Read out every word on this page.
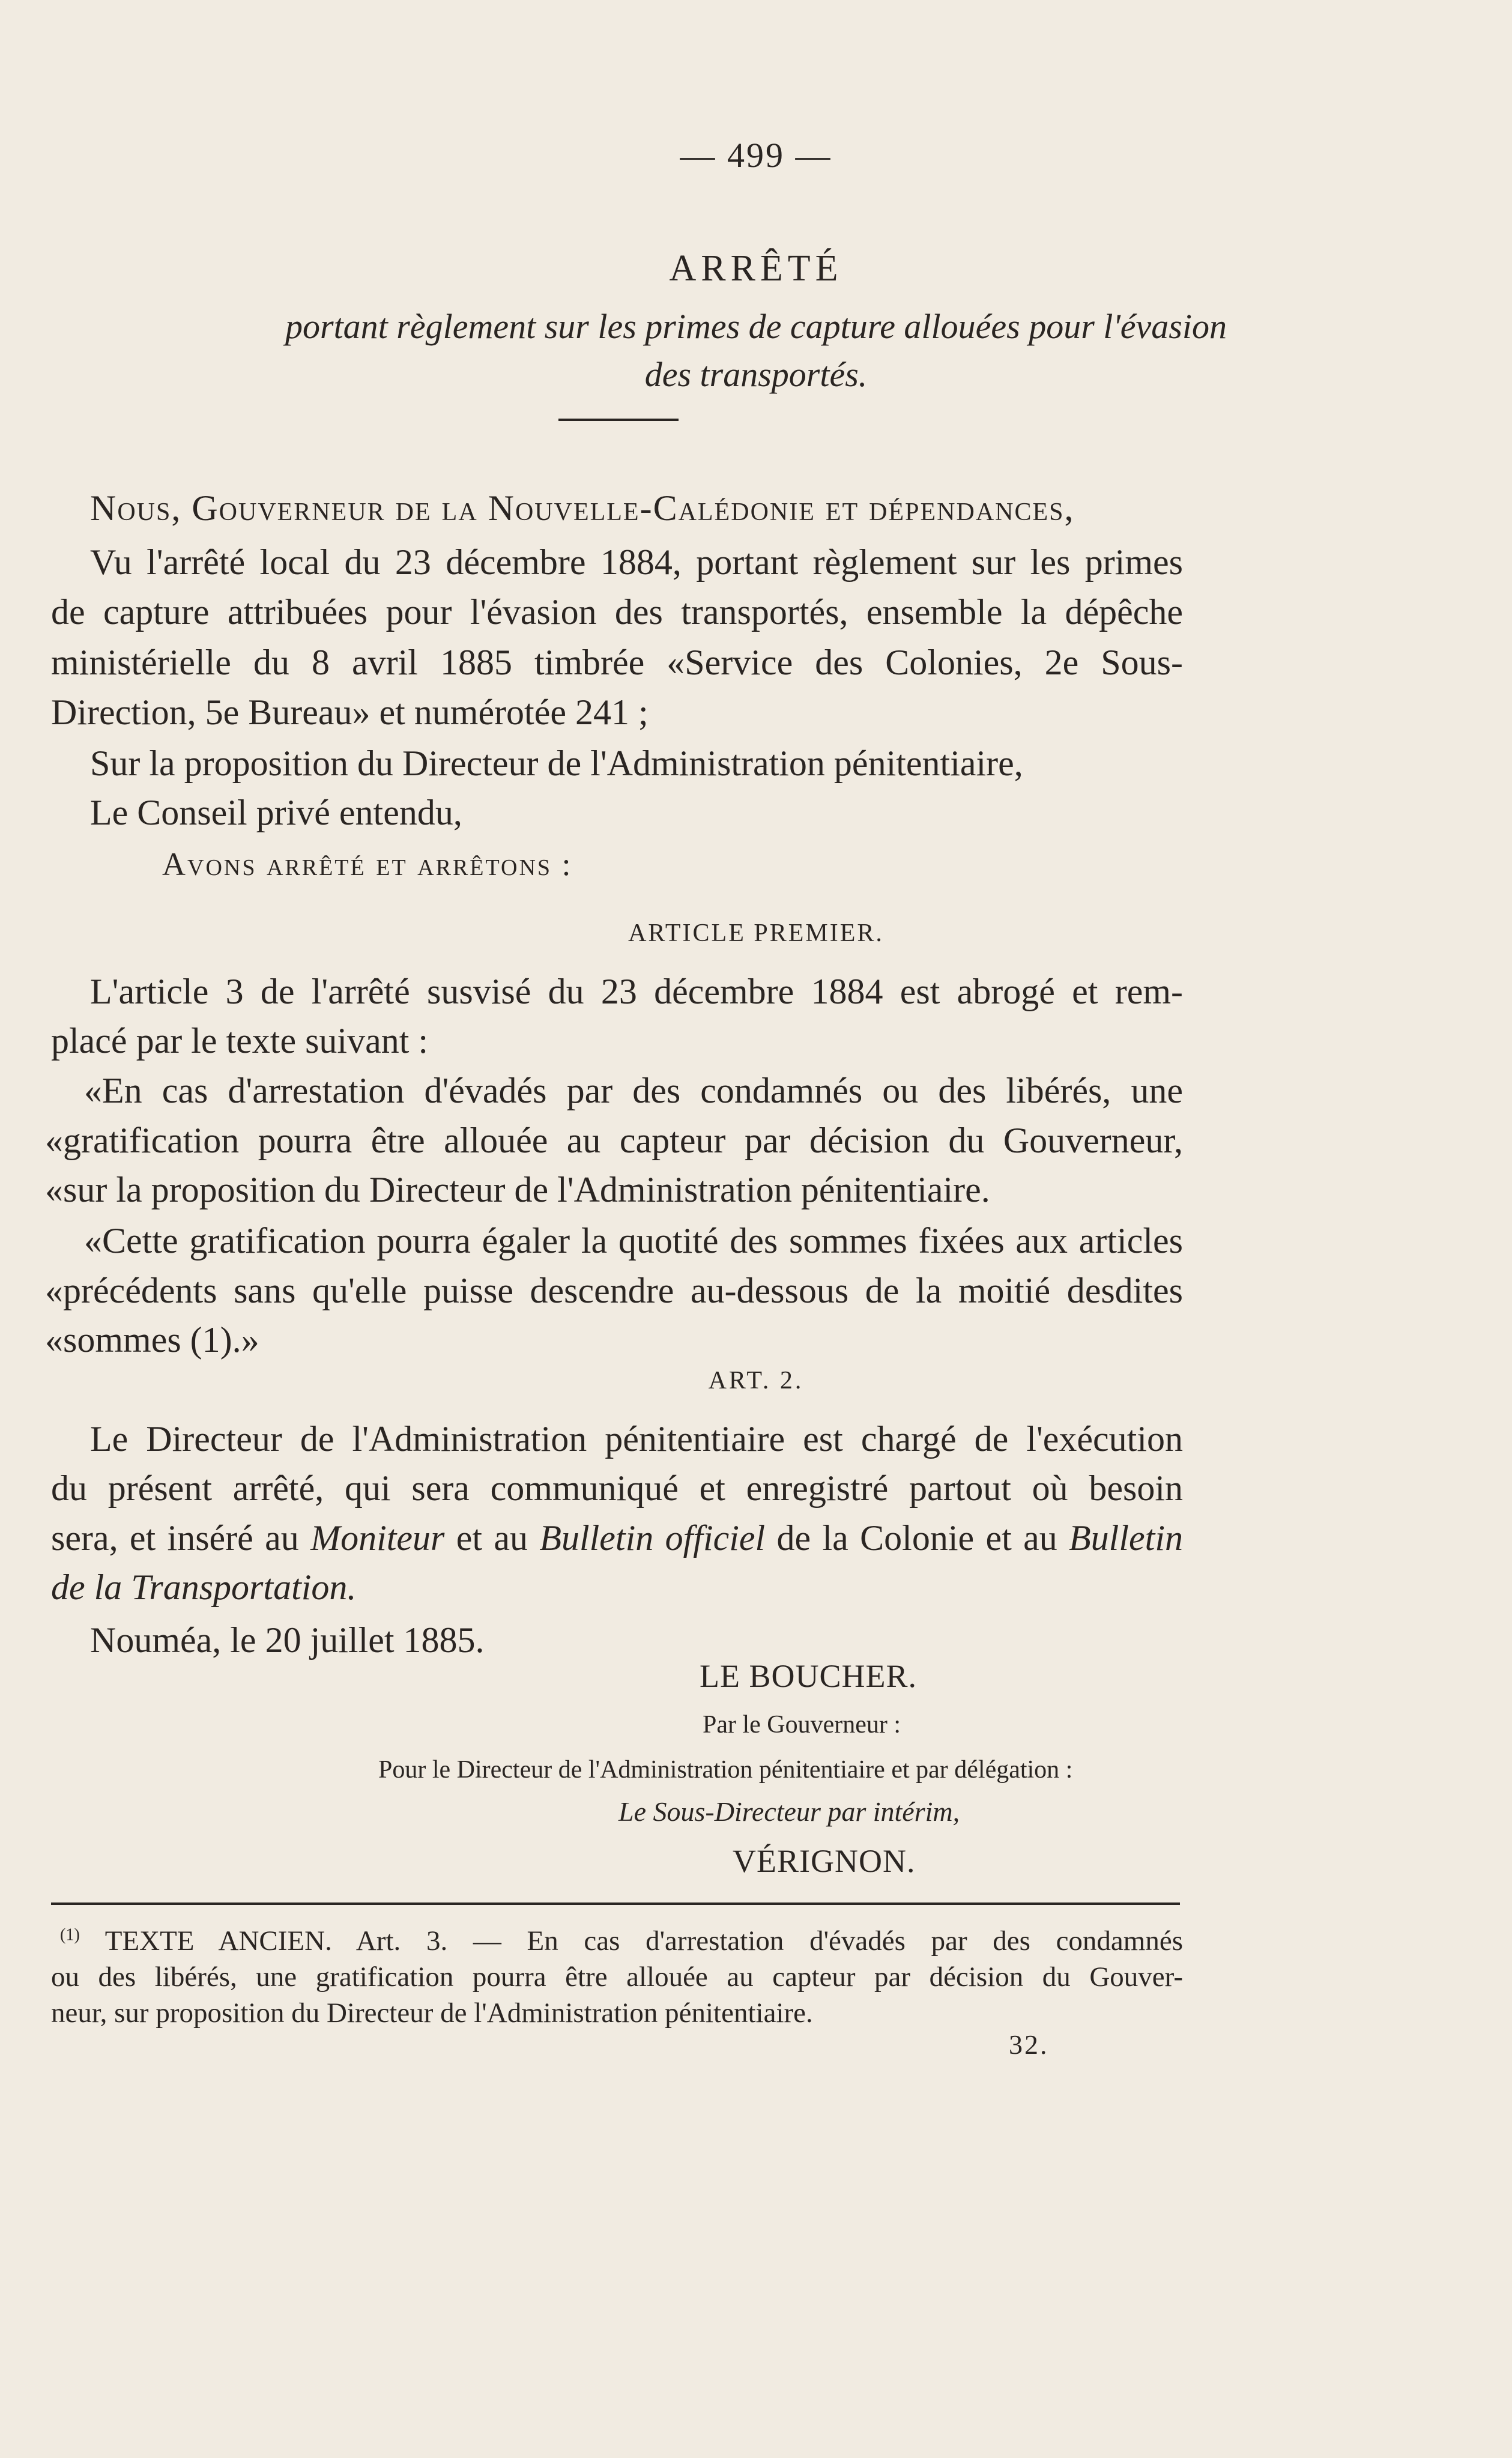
— 499 —
ARRÊTÉ
portant règlement sur les primes de capture allouées pour l'évasion
des transportés.
Nous, Gouverneur de la Nouvelle-Calédonie et dépendances,
Vu l'arrêté local du 23 décembre 1884, portant règlement sur les primes
de capture attribuées pour l'évasion des transportés, ensemble la dépêche
ministérielle du 8 avril 1885 timbrée «Service des Colonies, 2e Sous-
Direction, 5e Bureau» et numérotée 241 ;
Sur la proposition du Directeur de l'Administration pénitentiaire,
Le Conseil privé entendu,
Avons arrêté et arrêtons :
ARTICLE PREMIER.
L'article 3 de l'arrêté susvisé du 23 décembre 1884 est abrogé et rem-
placé par le texte suivant :
«En cas d'arrestation d'évadés par des condamnés ou des libérés, une
«gratification pourra être allouée au capteur par décision du Gouverneur,
«sur la proposition du Directeur de l'Administration pénitentiaire.
«Cette gratification pourra égaler la quotité des sommes fixées aux articles
«précédents sans qu'elle puisse descendre au-dessous de la moitié desdites
«sommes (1).»
ART. 2.
Le Directeur de l'Administration pénitentiaire est chargé de l'exécution
du présent arrêté, qui sera communiqué et enregistré partout où besoin
sera, et inséré au Moniteur et au Bulletin officiel de la Colonie et au Bulletin
de la Transportation.
Nouméa, le 20 juillet 1885.
LE BOUCHER.
Par le Gouverneur :
Pour le Directeur de l'Administration pénitentiaire et par délégation :
Le Sous-Directeur par intérim,
VÉRIGNON.
$^{(1)}$ TEXTE ANCIEN. Art. 3. — En cas d'arrestation d'évadés par des condamnés
ou des libérés, une gratification pourra être allouée au capteur par décision du Gouver-
neur, sur proposition du Directeur de l'Administration pénitentiaire.
32.
